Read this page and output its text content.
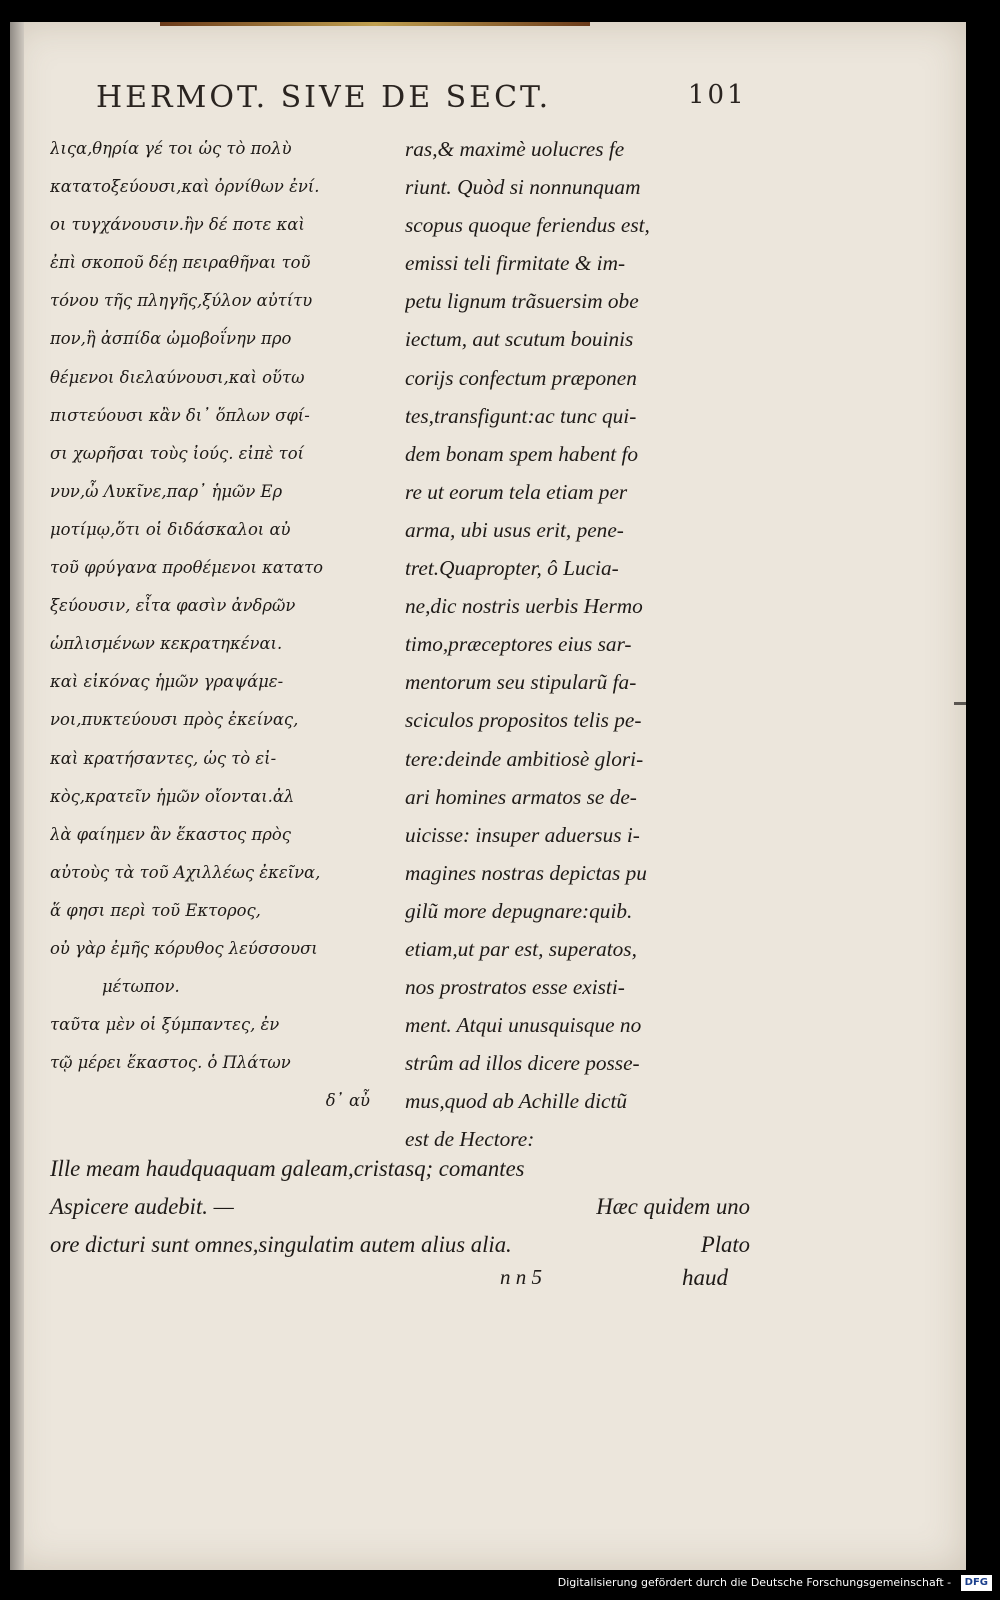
HERMOT. SIVE DE SECT.	101
λιςα,θηρία γέ τοι ὡς τὸ πολὺ
κατατοξεύουσι,καὶ ὀρνίθων ἐνί.
οι τυγχάνουσιν.ἢν δέ ποτε καὶ
ἐπὶ σκοποῦ δέῃ πειραθῆναι τοῦ
τόνου τῆς πληγῆς,ξύλον αὐτίτυ
πον,ἢ ἀσπίδα ὠμοβοΐνην προ
θέμενοι διελαύνουσι,καὶ οὕτω
πιστεύουσι κἂν δι᾽ ὅπλων σφί-
σι χωρῆσαι τοὺς ἰούς. εἰπὲ τοί
νυν,ὦ Λυκῖνε,παρ᾽ ἡμῶν Ερ
μοτίμῳ,ὅτι οἱ διδάσκαλοι αὐ
τοῦ φρύγανα προθέμενοι κατατο
ξεύουσιν, εἶτα φασὶν ἀνδρῶν
ὡπλισμένων κεκρατηκέναι.
καὶ εἰκόνας ἡμῶν γραψάμε-
νοι,πυκτεύουσι πρὸς ἐκείνας,
καὶ κρατήσαντες, ὡς τὸ εἰ-
κὸς,κρατεῖν ἡμῶν οἴονται.ἀλ
λὰ φαίημεν ἂν ἕκαστος πρὸς
αὐτοὺς τὰ τοῦ Αχιλλέως ἐκεῖνα,
ἅ φησι περὶ τοῦ Εκτορος,
οὐ γὰρ ἐμῆς κόρυθος λεύσσουσι
μέτωπον.
ταῦτα μὲν οἱ ξύμπαντες, ἐν
τῷ μέρει ἕκαστος. ὁ Πλάτων
δ᾽ αὖ
ras,& maximè uolucres fe
riunt. Quòd si nonnunquam
scopus quoque feriendus est,
emissi teli firmitate & im-
petu lignum trãsuersim obe
iectum, aut scutum bouinis
corijs confectum præponen
tes,transfigunt:ac tunc qui-
dem bonam spem habent fo
re ut eorum tela etiam per
arma, ubi usus erit, pene-
tret.Quapropter, ô Lucia-
ne,dic nostris uerbis Hermo
timo,præceptores eius sar-
mentorum seu stipularũ fa-
sciculos propositos telis pe-
tere:deinde ambitiosè glori-
ari homines armatos se de-
uicisse: insuper aduersus i-
magines nostras depictas pu
gilũ more depugnare:quib.
etiam,ut par est, superatos,
nos prostratos esse existi-
ment. Atqui unusquisque no
strûm ad illos dicere posse-
mus,quod ab Achille dictũ
est de Hectore:
Ille meam haudquaquam galeam,cristasq; comantes
Aspicere audebit. —	Hæc quidem uno
ore dicturi sunt omnes,singulatim autem alius alia.	Plato
n n 5	haud
Digitalisierung gefördert durch die Deutsche Forschungsgemeinschaft - DFG
